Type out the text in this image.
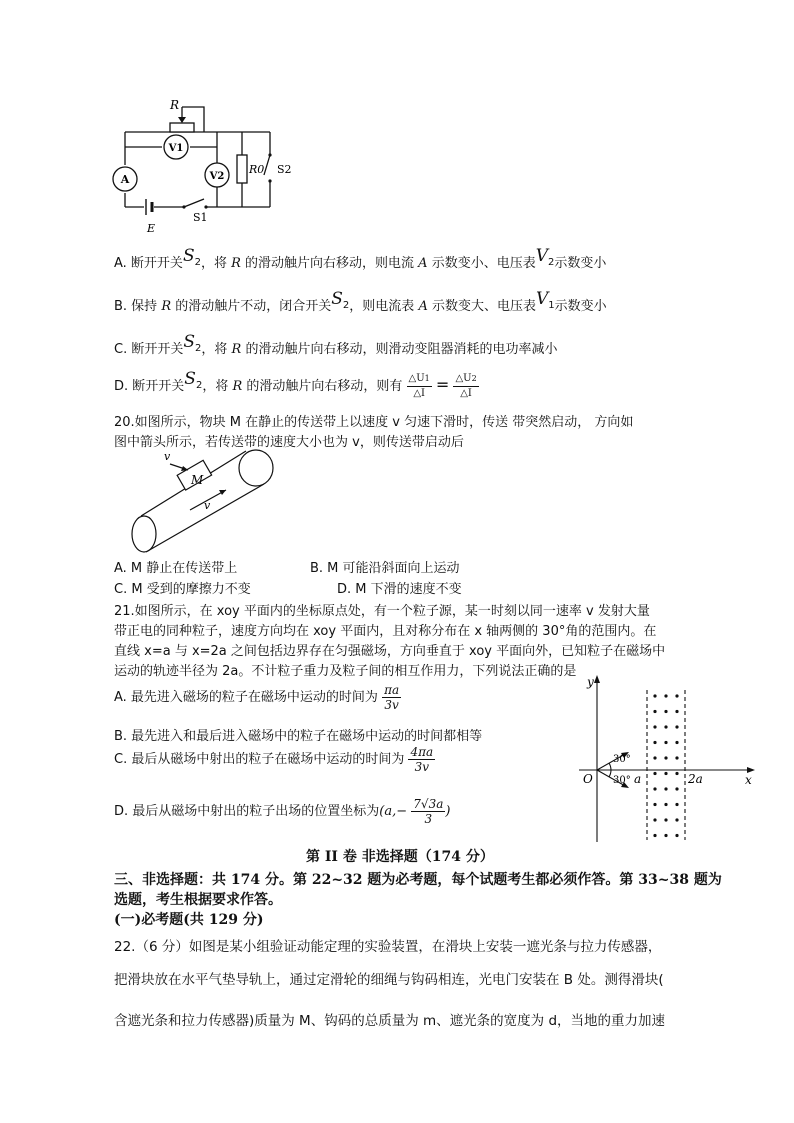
R
V1
A	V2
R0 S2
E
S1
A. 断开开关S2，将 R 的滑动触片向右移动，则电流 A 示数变小、电压表V2示数变小
B. 保持 R 的滑动触片不动，闭合开关S2，则电流表 A 示数变大、电压表V1示数变小
C. 断开开关S2，将 R 的滑动触片向右移动，则滑动变阻器消耗的电功率减小
D. 断开开关S2，将 R 的滑动触片向右移动，则有 $\frac{\triangle U1}{\triangle I} = \frac{\triangle U2}{\triangle I}$
20.如图所示，物块 M 在静止的传送带上以速度 v 匀速下滑时，传送 带突然启动， 方向如
图中箭头所示，若传送带的速度大小也为 v，则传送带启动后
v
M
v
A. M 静止在传送带上	B. M 可能沿斜面向上运动
C. M 受到的摩擦力不变	D. M 下滑的速度不变
21.如图所示，在 xoy 平面内的坐标原点处，有一个粒子源，某一时刻以同一速率 v 发射大量
带正电的同种粒子，速度方向均在 xoy 平面内，且对称分布在 x 轴两侧的 30°角的范围内。在
直线 x=a 与 x=2a 之间包括边界存在匀强磁场，方向垂直于 xoy 平面向外，已知粒子在磁场中
运动的轨迹半径为 2a。不计粒子重力及粒子间的相互作用力，下列说法正确的是
A. 最先进入磁场的粒子在磁场中运动的时间为 $\frac{\pi a}{3v}$
B. 最先进入和最后进入磁场中的粒子在磁场中运动的时间都相等
C. 最后从磁场中射出的粒子在磁场中运动的时间为 $\frac{4\pi a}{3v}$
D. 最后从磁场中射出的粒子出场的位置坐标为($a,- \frac{7√3a}{3}$ )
y
x
O	a	2a
30°
30°
第 II 卷 非选择题（174 分）
三、非选择题：共 174 分。第 22~32 题为必考题，每个试题考生都必须作答。第 33~38 题为
选题，考生根据要求作答。
(一)必考题(共 129 分)
22.（6 分）如图是某小组验证动能定理的实验装置，在滑块上安装一遮光条与拉力传感器，
把滑块放在水平气垫导轨上，通过定滑轮的细绳与钩码相连，光电门安装在 B 处。测得滑块(
含遮光条和拉力传感器)质量为 M、钩码的总质量为 m、遮光条的宽度为 d，当地的重力加速
